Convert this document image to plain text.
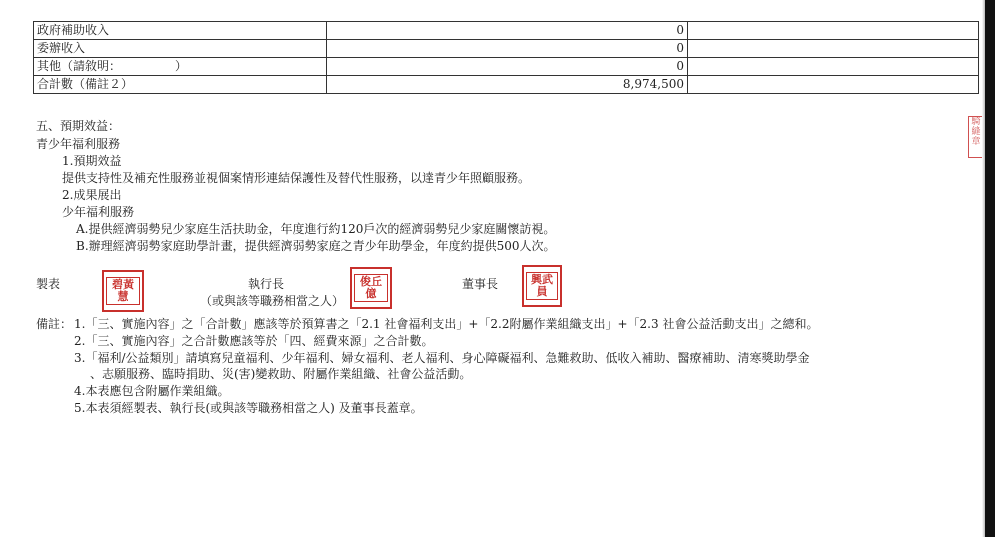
政府補助收入	0	
委辦收入	0	
其他（請敘明：　　　　　）	0	
合計數（備註２）	8,974,500	
五、預期效益：
青少年福利服務
1.預期效益
提供支持性及補充性服務並視個案情形連結保護性及替代性服務，以達青少年照顧服務。
2.成果展出
少年福利服務
A.提供經濟弱勢兒少家庭生活扶助金，年度進行約120戶次的經濟弱勢兒少家庭關懷訪視。
B.辦理經濟弱勢家庭助學計畫，提供經濟弱勢家庭之青少年助學金，年度約提供500人次。
製表	碧黃慧
執行長
（或與該等職務相當之人）
俊丘億
董事長	興武員
備註： 1.「三、實施內容」之「合計數」應該等於預算書之「2.1 社會福利支出」+「2.2附屬作業組織支出」+「2.3 社會公益活動支出」之總和。
2.「三、實施內容」之合計數應該等於「四、經費來源」之合計數。
3.「福利/公益類別」請填寫兒童福利、少年福利、婦女福利、老人福利、身心障礙福利、急難救助、低收入補助、醫療補助、清寒獎助學金
、志願服務、臨時捐助、災(害)變救助、附屬作業組織、社會公益活動。
4.本表應包含附屬作業組織。
5.本表須經製表、執行長(或與該等職務相當之人) 及董事長蓋章。
騎縫章
